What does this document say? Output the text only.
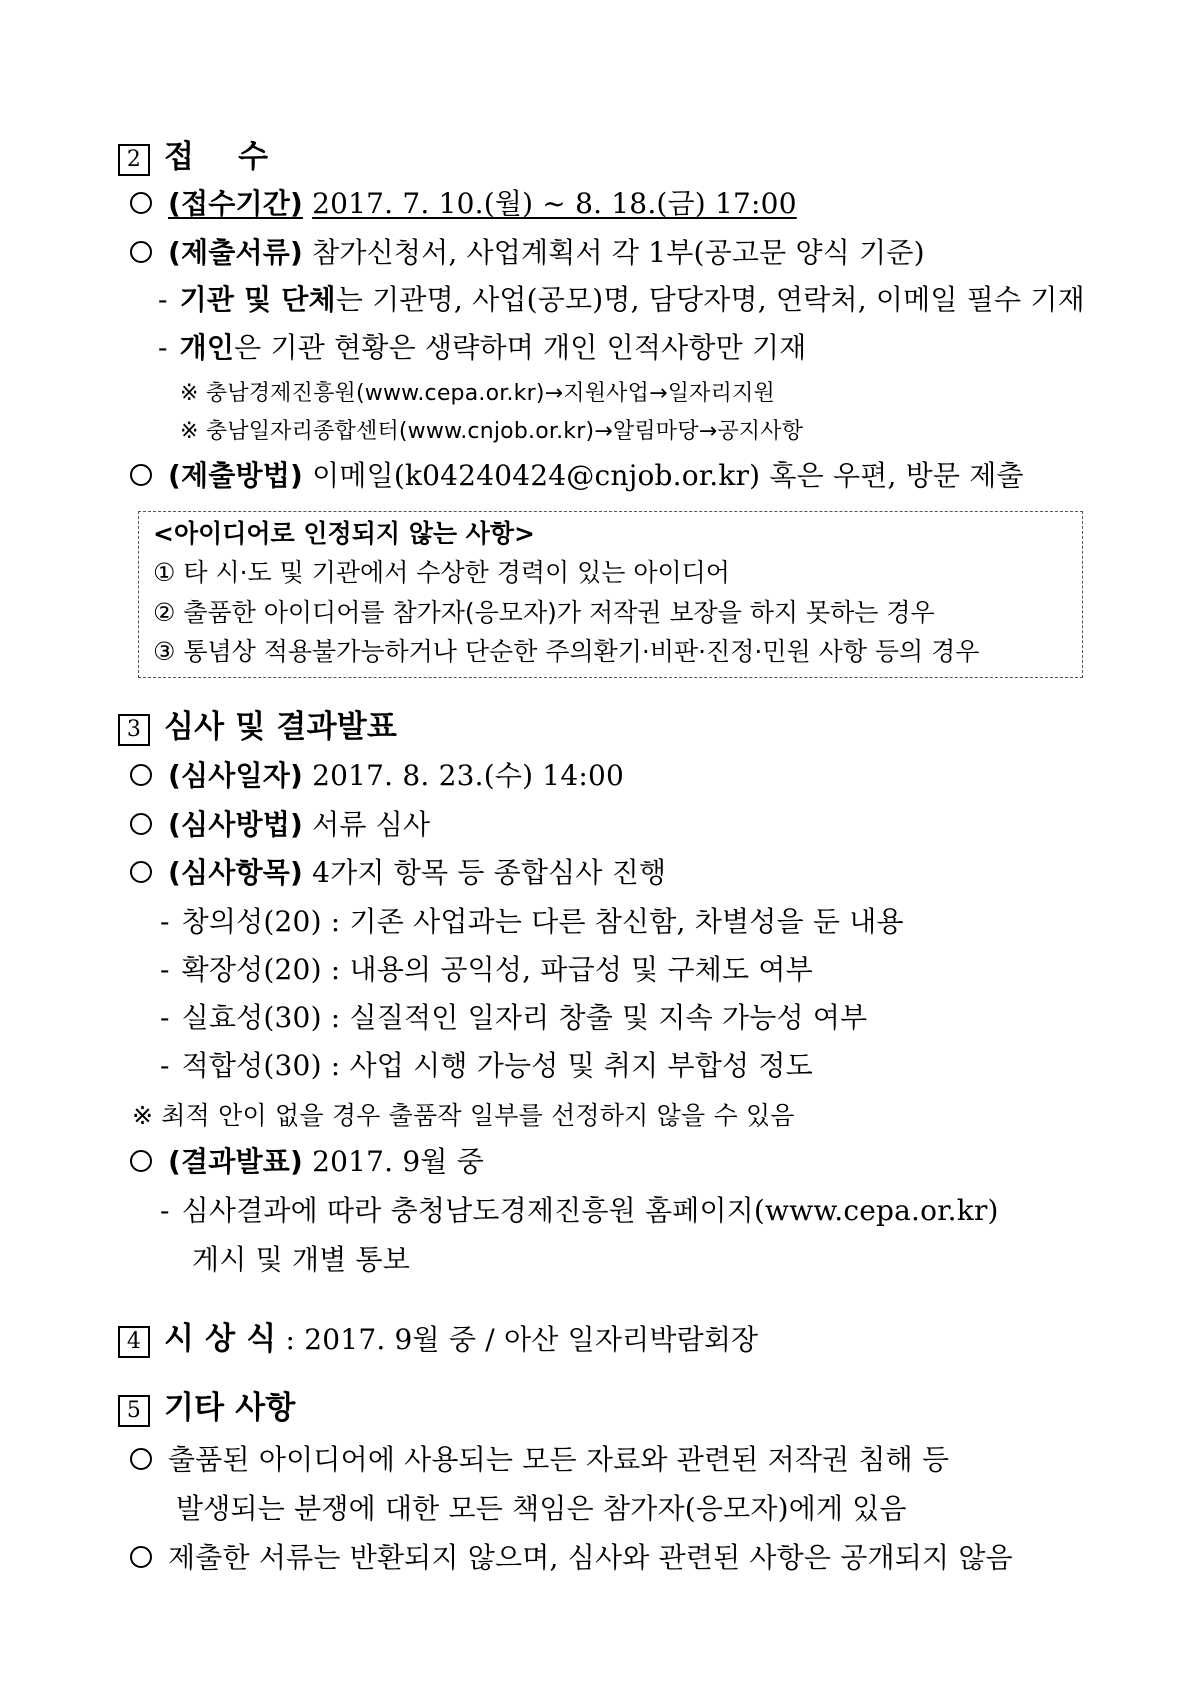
2 접    수
(접수기간) 2017. 7. 10.(월) ~ 8. 18.(금) 17:00
(제출서류) 참가신청서, 사업계획서 각 1부(공고문 양식 기준)
- 기관 및 단체는 기관명, 사업(공모)명, 담당자명, 연락처, 이메일 필수 기재
- 개인은 기관 현황은 생략하며 개인 인적사항만 기재
※ 충남경제진흥원(www.cepa.or.kr)→지원사업→일자리지원
※ 충남일자리종합센터(www.cnjob.or.kr)→알림마당→공지사항
(제출방법) 이메일(k04240424@cnjob.or.kr) 혹은 우편, 방문 제출
<아이디어로 인정되지 않는 사항>
① 타 시·도 및 기관에서 수상한 경력이 있는 아이디어
② 출품한 아이디어를 참가자(응모자)가 저작권 보장을 하지 못하는 경우
③ 통념상 적용불가능하거나 단순한 주의환기·비판·진정·민원 사항 등의 경우
3 심사 및 결과발표
(심사일자) 2017. 8. 23.(수) 14:00
(심사방법) 서류 심사
(심사항목) 4가지 항목 등 종합심사 진행
- 창의성(20) : 기존 사업과는 다른 참신함, 차별성을 둔 내용
- 확장성(20) : 내용의 공익성, 파급성 및 구체도 여부
- 실효성(30) : 실질적인 일자리 창출 및 지속 가능성 여부
- 적합성(30) : 사업 시행 가능성 및 취지 부합성 정도
※ 최적 안이 없을 경우 출품작 일부를 선정하지 않을 수 있음
(결과발표) 2017. 9월 중
- 심사결과에 따라 충청남도경제진흥원 홈페이지(www.cepa.or.kr)
게시 및 개별 통보
4 시 상 식 : 2017. 9월 중 / 아산 일자리박람회장
5 기타 사항
출품된 아이디어에 사용되는 모든 자료와 관련된 저작권 침해 등
발생되는 분쟁에 대한 모든 책임은 참가자(응모자)에게 있음
제출한 서류는 반환되지 않으며, 심사와 관련된 사항은 공개되지 않음
